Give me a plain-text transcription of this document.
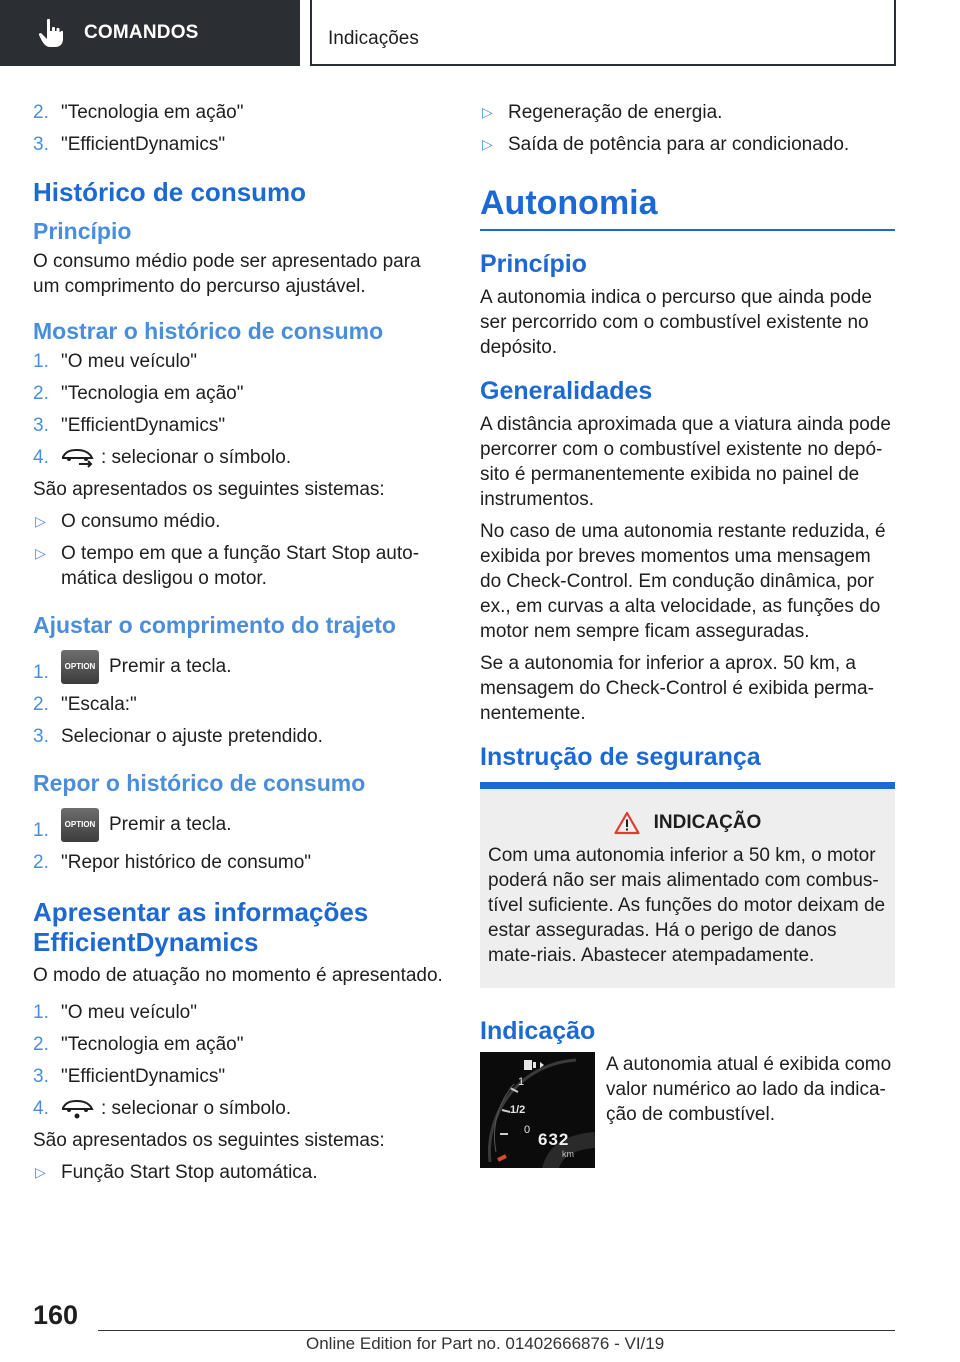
COMANDOS	Indicações
2. "Tecnologia em ação"
3. "EfficientDynamics"
Histórico de consumo
Princípio

O consumo médio pode ser apresentado para um comprimento do percurso ajustável.

Mostrar o histórico de consumo
1. "O meu veículo"
2. "Tecnologia em ação"
3. "EfficientDynamics"
4.	: selecionar o símbolo.

São apresentados os seguintes sistemas:

▷ O consumo médio.
▷ O tempo em que a função Start Stop auto‐mática desligou o motor.
Ajustar o comprimento do trajeto
1. OPTION Premir a tecla.
2. "Escala:"
3. Selecionar o ajuste pretendido.
Repor o histórico de consumo
1. OPTION Premir a tecla.
2. "Repor histórico de consumo"
Apresentar as informações EfficientDynamics

O modo de atuação no momento é apresentado.

1. "O meu veículo"
2. "Tecnologia em ação"
3. "EfficientDynamics"
4.	: selecionar o símbolo.

São apresentados os seguintes sistemas:

▷ Função Start Stop automática.
▷ Regeneração de energia.
▷ Saída de potência para ar condicionado.
Autonomia
Princípio

A autonomia indica o percurso que ainda pode ser percorrido com o combustível existente no depósito.

Generalidades

A distância aproximada que a viatura ainda pode percorrer com o combustível existente no depó‐sito é permanentemente exibida no painel de instrumentos.

No caso de uma autonomia restante reduzida, é exibida por breves momentos uma mensagem do Check-Control. Em condução dinâmica, por ex., em curvas a alta velocidade, as funções do motor nem sempre ficam asseguradas.

Se a autonomia for inferior a aprox. 50 km, a mensagem do Check-Control é exibida perma‐nentemente.

Instrução de segurança
INDICAÇÃO

Com uma autonomia inferior a 50 km, o motor poderá não ser mais alimentado com combus‐tível suficiente. As funções do motor deixam de estar asseguradas. Há o perigo de danos mate‐riais. Abastecer atempadamente.

Indicação
1
1/2
0 632
km

A autonomia atual é exibida como valor numérico ao lado da indica‐ção de combustível.

160
Online Edition for Part no. 01402666876 - VI/19
